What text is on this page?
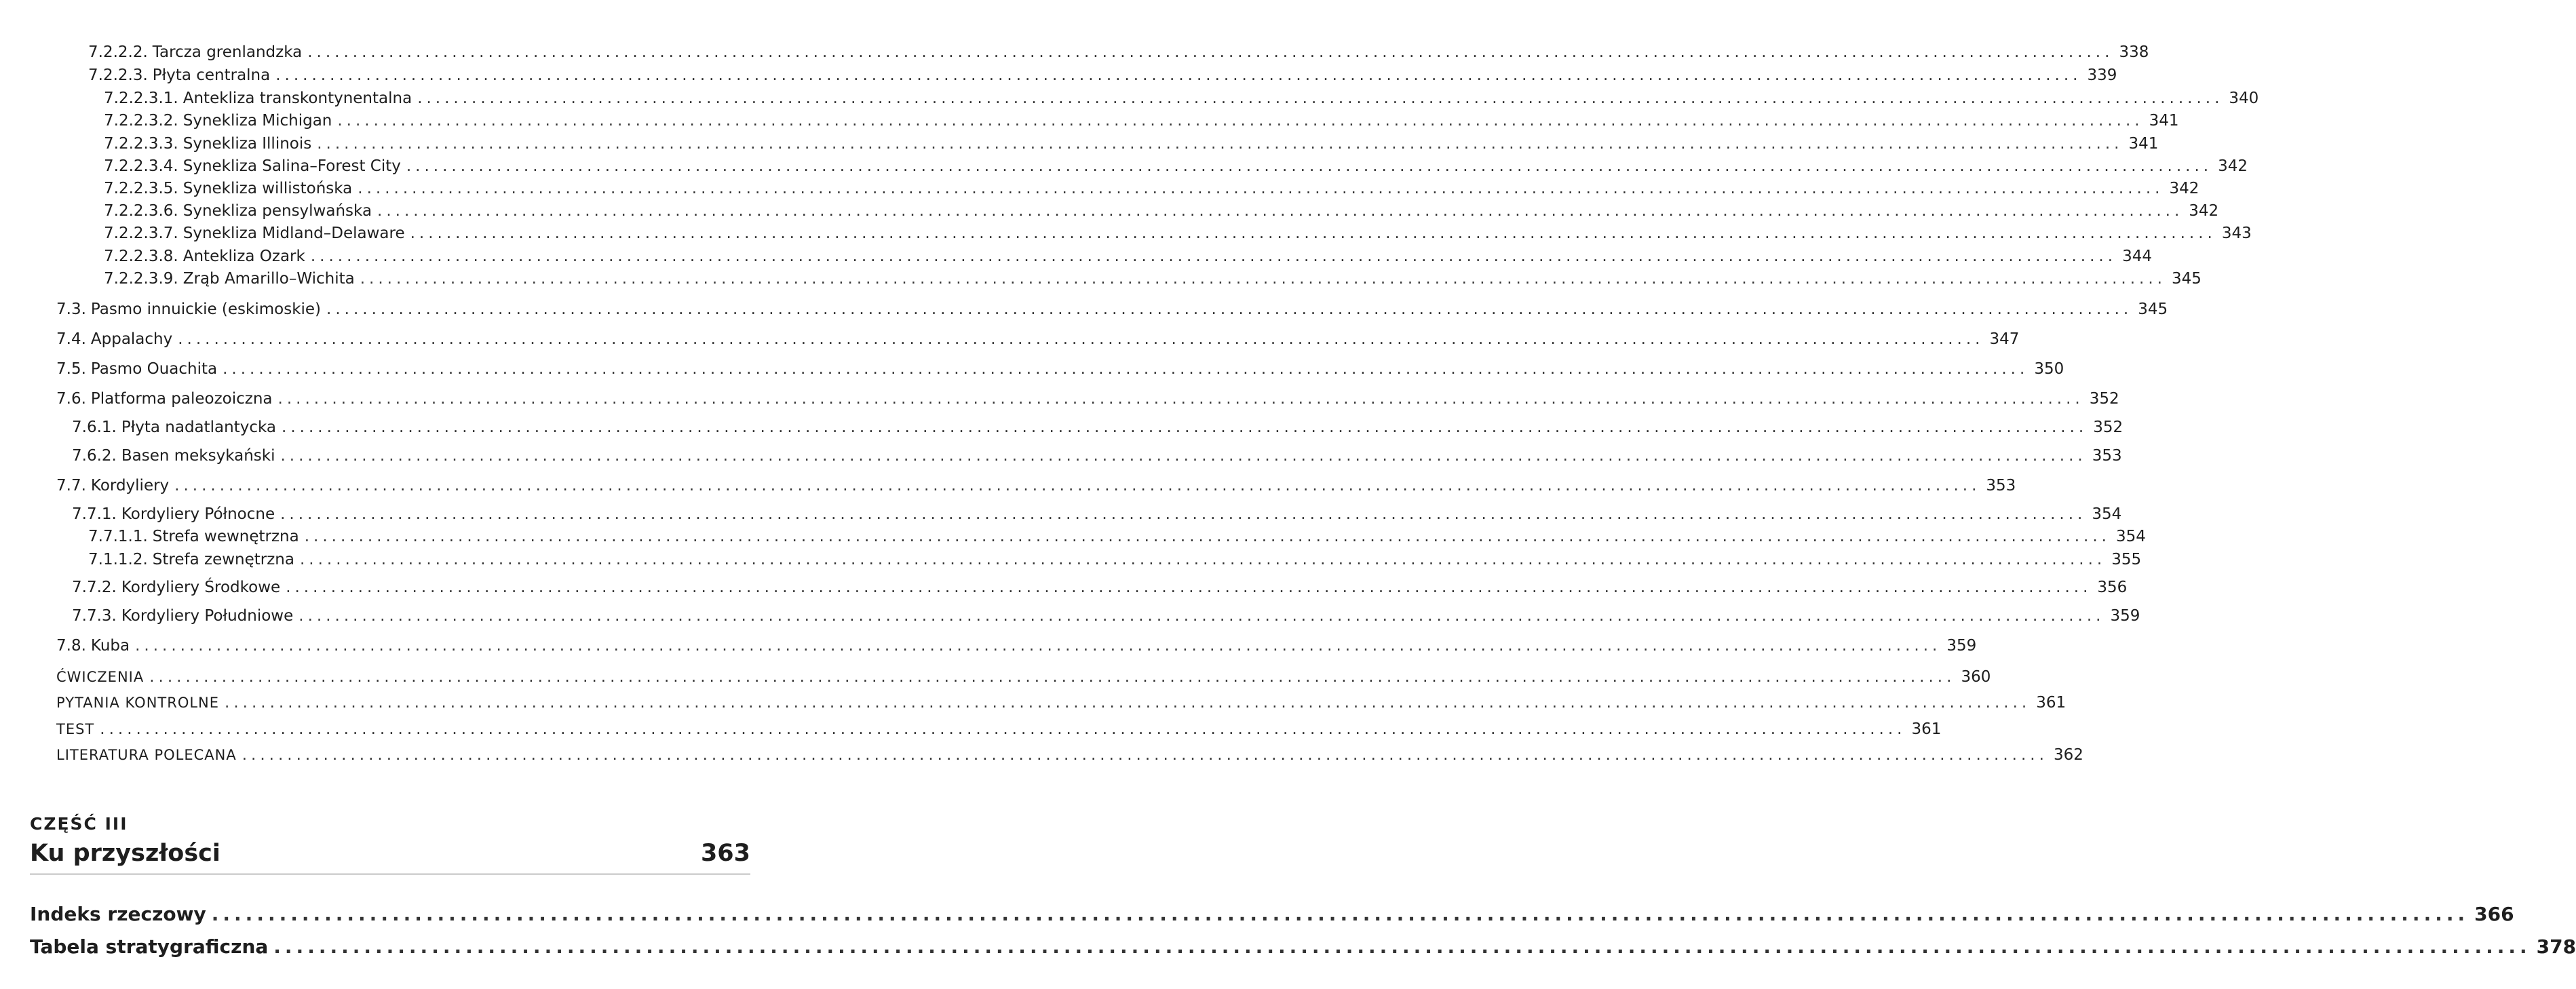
7.2.2.2. Tarcza grenlandzka ........................................................................................................................................................................................................ 338
7.2.2.3. Płyta centralna ........................................................................................................................................................................................................ 339
7.2.2.3.1. Antekliza transkontynentalna ........................................................................................................................................................................................................ 340
7.2.2.3.2. Synekliza Michigan ........................................................................................................................................................................................................ 341
7.2.2.3.3. Synekliza Illinois ........................................................................................................................................................................................................ 341
7.2.2.3.4. Synekliza Salina–Forest City ........................................................................................................................................................................................................ 342
7.2.2.3.5. Synekliza willistońska ........................................................................................................................................................................................................ 342
7.2.2.3.6. Synekliza pensylwańska ........................................................................................................................................................................................................ 342
7.2.2.3.7. Synekliza Midland–Delaware ........................................................................................................................................................................................................ 343
7.2.2.3.8. Antekliza Ozark ........................................................................................................................................................................................................ 344
7.2.2.3.9. Zrąb Amarillo–Wichita ........................................................................................................................................................................................................ 345
7.3. Pasmo innuickie (eskimoskie) ........................................................................................................................................................................................................ 345
7.4. Appalachy ........................................................................................................................................................................................................ 347
7.5. Pasmo Ouachita ........................................................................................................................................................................................................ 350
7.6. Platforma paleozoiczna ........................................................................................................................................................................................................ 352
7.6.1. Płyta nadatlantycka ........................................................................................................................................................................................................ 352
7.6.2. Basen meksykański ........................................................................................................................................................................................................ 353
7.7. Kordyliery ........................................................................................................................................................................................................ 353
7.7.1. Kordyliery Północne ........................................................................................................................................................................................................ 354
7.7.1.1. Strefa wewnętrzna ........................................................................................................................................................................................................ 354
7.1.1.2. Strefa zewnętrzna ........................................................................................................................................................................................................ 355
7.7.2. Kordyliery Środkowe ........................................................................................................................................................................................................ 356
7.7.3. Kordyliery Południowe ........................................................................................................................................................................................................ 359
7.8. Kuba ........................................................................................................................................................................................................ 359
ĆWICZENIA ........................................................................................................................................................................................................ 360
PYTANIA KONTROLNE ........................................................................................................................................................................................................ 361
TEST ........................................................................................................................................................................................................ 361
LITERATURA POLECANA ........................................................................................................................................................................................................ 362
CZĘŚĆ III
Ku przyszłości	363
Indeks rzeczowy ........................................................................................................................................................................................................ 366
Tabela stratygraficzna ........................................................................................................................................................................................................ 378
